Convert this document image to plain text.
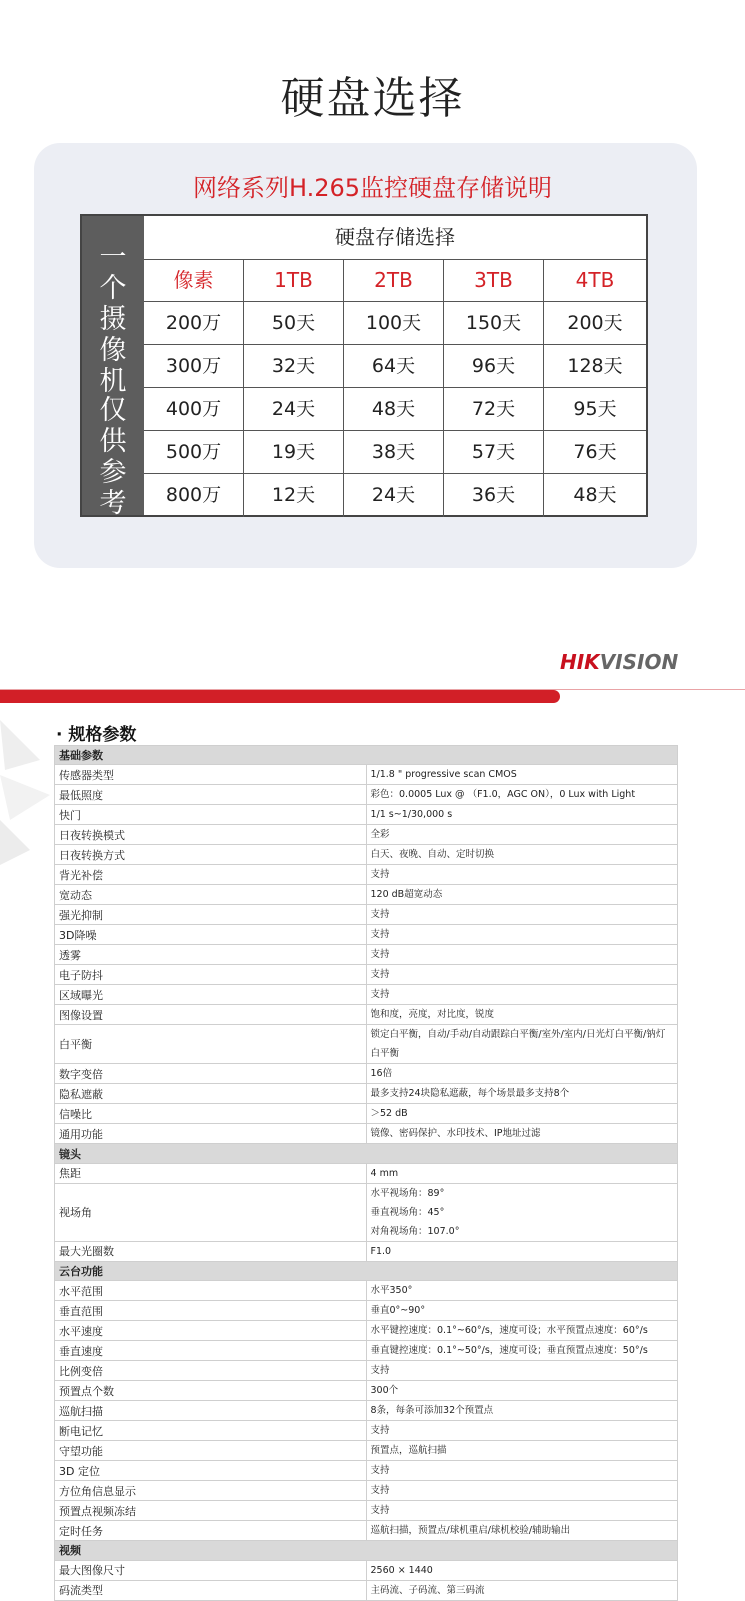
硬盘选择
网络系列H.265监控硬盘存储说明
一
个
摄
像
机
仅
供
参
考
硬盘存储选择
像素	1TB	2TB	3TB	4TB
200万	50天	100天	150天	200天
300万	32天	64天	96天	128天
400万	24天	48天	72天	95天
500万	19天	38天	57天	76天
800万	12天	24天	36天	48天
HIKVISION
· 规格参数
基础参数	
传感器类型	1/1.8 " progressive scan CMOS

最低照度	彩色：0.0005 Lux @ （F1.0，AGC ON），0 Lux with Light

快门	1/1 s~1/30,000 s

日夜转换模式	全彩

日夜转换方式	白天、夜晚、自动、定时切换

背光补偿	支持

宽动态	120 dB超宽动态

强光抑制	支持

3D降噪	支持

透雾	支持

电子防抖	支持

区域曝光	支持

图像设置	饱和度，亮度，对比度，锐度

白平衡	锁定白平衡，自动/手动/自动跟踪白平衡/室外/室内/日光灯白平衡/钠灯白平衡

数字变倍	16倍

隐私遮蔽	最多支持24块隐私遮蔽，每个场景最多支持8个

信噪比	＞52 dB

通用功能	镜像、密码保护、水印技术、IP地址过滤

镜头	
焦距	4 mm

视场角	水平视场角：89°
垂直视场角：45°
对角视场角：107.0°

最大光圈数	F1.0

云台功能	
水平范围	水平350°

垂直范围	垂直0°~90°

水平速度	水平键控速度：0.1°~60°/s，速度可设；水平预置点速度：60°/s

垂直速度	垂直键控速度：0.1°~50°/s，速度可设；垂直预置点速度：50°/s

比例变倍	支持

预置点个数	300个

巡航扫描	8条，每条可添加32个预置点

断电记忆	支持

守望功能	预置点，巡航扫描

3D 定位	支持

方位角信息显示	支持

预置点视频冻结	支持

定时任务	巡航扫描，预置点/球机重启/球机校验/辅助输出

视频	
最大图像尺寸	2560 × 1440

码流类型	主码流、子码流、第三码流
